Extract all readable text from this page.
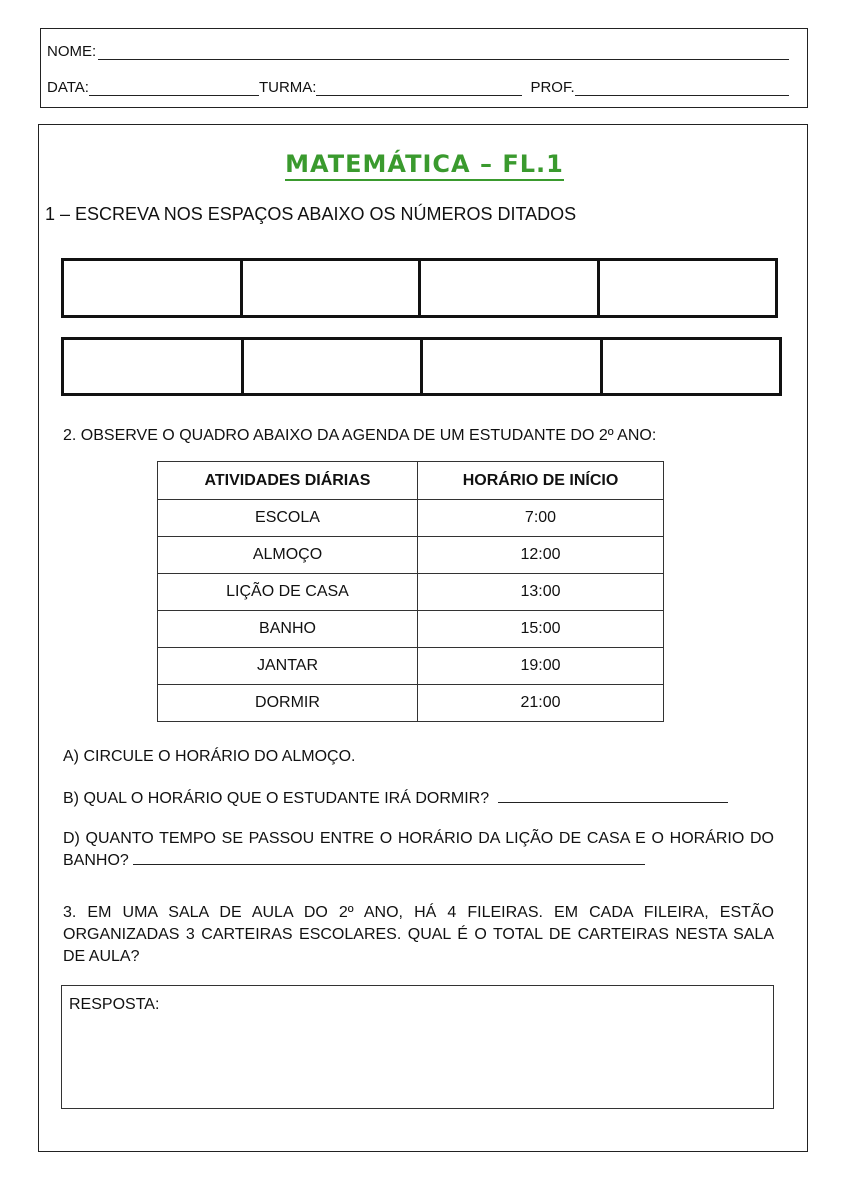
NOME:
DATA:	TURMA:	PROF.
MATEMÁTICA – FL.1
1 – ESCREVA NOS ESPAÇOS ABAIXO OS NÚMEROS DITADOS
2. OBSERVE O QUADRO ABAIXO DA AGENDA DE UM ESTUDANTE DO 2º ANO:
ATIVIDADES DIÁRIAS	HORÁRIO DE INÍCIO
ESCOLA	7:00
ALMOÇO	12:00
LIÇÃO DE CASA	13:00
BANHO	15:00
JANTAR	19:00
DORMIR	21:00
A) CIRCULE O HORÁRIO DO ALMOÇO.
B) QUAL O HORÁRIO QUE O ESTUDANTE IRÁ DORMIR?
D) QUANTO TEMPO SE PASSOU ENTRE O HORÁRIO DA LIÇÃO DE CASA E O HORÁRIO DO BANHO?
3. EM UMA SALA DE AULA DO 2º ANO, HÁ 4 FILEIRAS. EM CADA FILEIRA, ESTÃO ORGANIZADAS 3 CARTEIRAS ESCOLARES. QUAL É O TOTAL DE CARTEIRAS NESTA SALA DE AULA?
RESPOSTA:
